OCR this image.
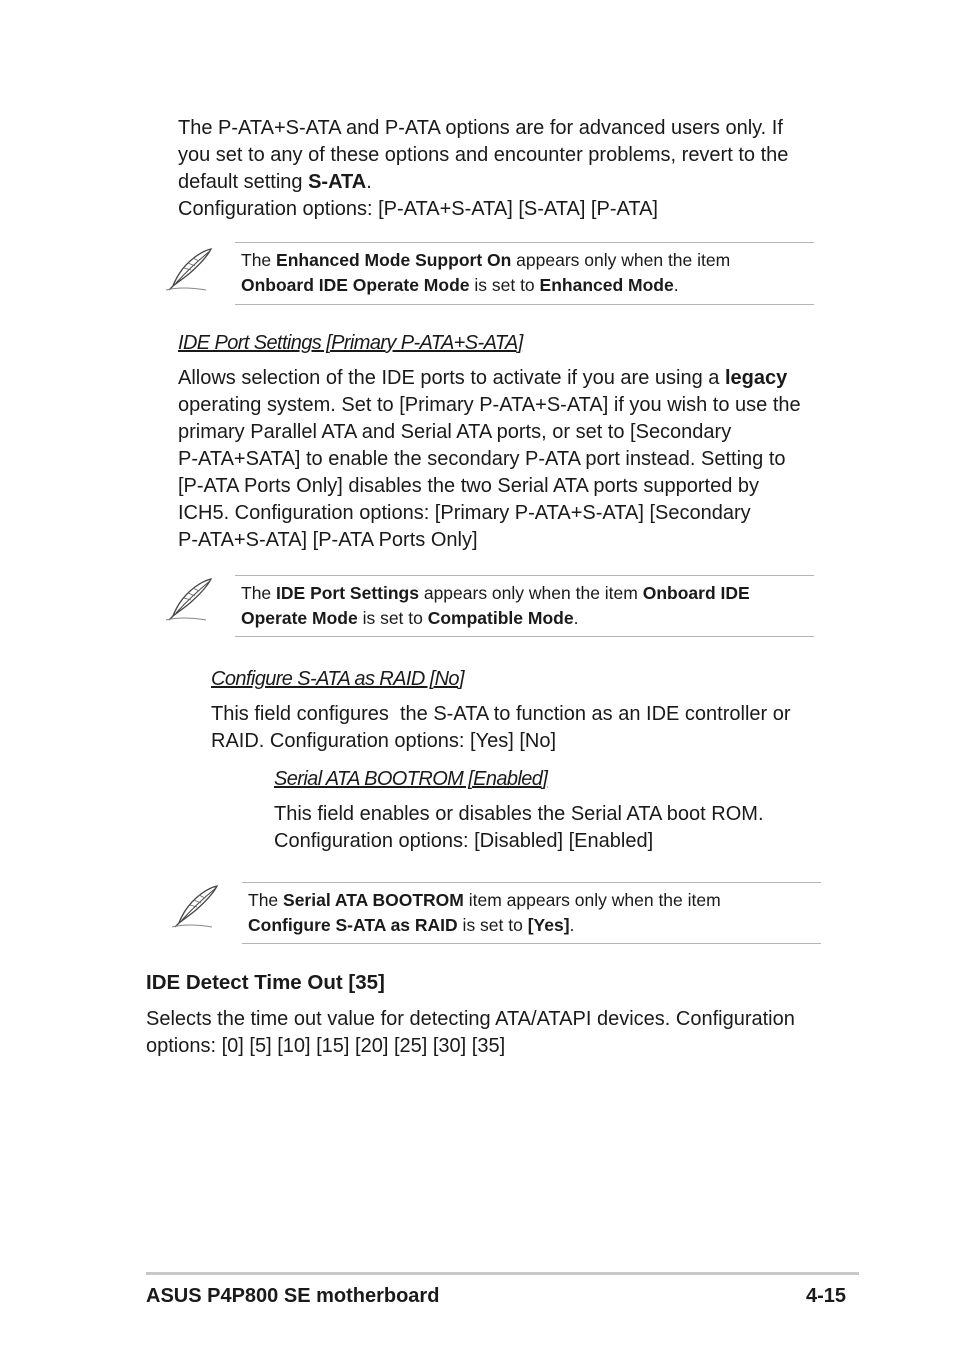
The P-ATA+S-ATA and P-ATA options are for advanced users only. If
you set to any of these options and encounter problems, revert to the
default setting S-ATA.
Configuration options: [P-ATA+S-ATA] [S-ATA] [P-ATA]
The Enhanced Mode Support On appears only when the item
Onboard IDE Operate Mode is set to Enhanced Mode.
IDE Port Settings [Primary P-ATA+S-ATA]
Allows selection of the IDE ports to activate if you are using a legacy
operating system. Set to [Primary P-ATA+S-ATA] if you wish to use the
primary Parallel ATA and Serial ATA ports, or set to [Secondary
P-ATA+SATA] to enable the secondary P-ATA port instead. Setting to
[P-ATA Ports Only] disables the two Serial ATA ports supported by
ICH5. Configuration options: [Primary P-ATA+S-ATA] [Secondary
P-ATA+S-ATA] [P-ATA Ports Only]
The IDE Port Settings appears only when the item Onboard IDE
Operate Mode is set to Compatible Mode.
Configure S-ATA as RAID [No]
This field configures  the S-ATA to function as an IDE controller or
RAID. Configuration options: [Yes] [No]
Serial ATA BOOTROM [Enabled]
This field enables or disables the Serial ATA boot ROM.
Configuration options: [Disabled] [Enabled]
The Serial ATA BOOTROM item appears only when the item
Configure S-ATA as RAID is set to [Yes].
IDE Detect Time Out [35]
Selects the time out value for detecting ATA/ATAPI devices. Configuration
options: [0] [5] [10] [15] [20] [25] [30] [35]
ASUS P4P800 SE motherboard	4-15
